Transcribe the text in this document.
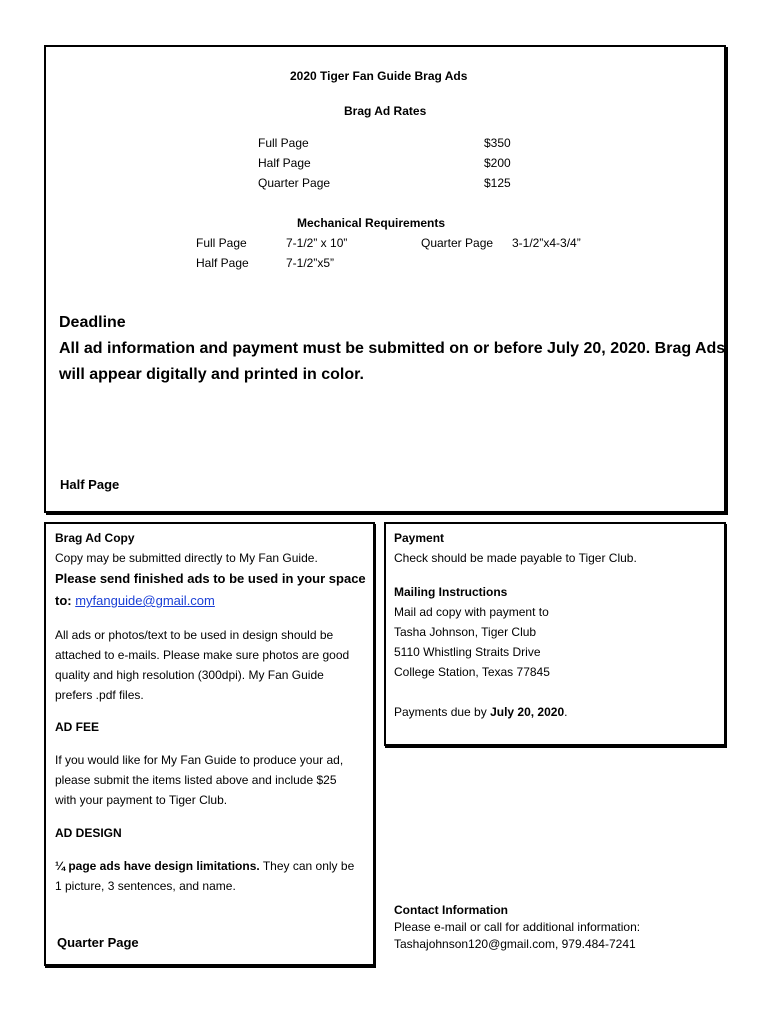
2020 Tiger Fan Guide Brag Ads
Brag Ad Rates
Full Page	$350
Half Page	$200
Quarter Page	$125
Mechanical Requirements
Full Page	7-1/2” x 10”	Quarter Page 3-1/2”x4-3/4”
Half Page	7-1/2”x5”
Deadline
All ad information and payment must be submitted on or before July 20, 2020. Brag Ads
will appear digitally and printed in color.
Half Page
Brag Ad Copy
Copy may be submitted directly to My Fan Guide.
Please send finished ads to be used in your space
to: myfanguide@gmail.com
All ads or photos/text to be used in design should be
attached to e-mails. Please make sure photos are good
quality and high resolution (300dpi). My Fan Guide
prefers .pdf files.
AD FEE
If you would like for My Fan Guide to produce your ad,
please submit the items listed above and include $25
with your payment to Tiger Club.
AD DESIGN
¼ page ads have design limitations. They can only be
1 picture, 3 sentences, and name.
Quarter Page
Payment
Check should be made payable to Tiger Club.
Mailing Instructions
Mail ad copy with payment to
Tasha Johnson, Tiger Club
5110 Whistling Straits Drive
College Station, Texas 77845
Payments due by July 20, 2020.
Contact Information
Please e-mail or call for additional information:
Tashajohnson120@gmail.com, 979.484-7241
